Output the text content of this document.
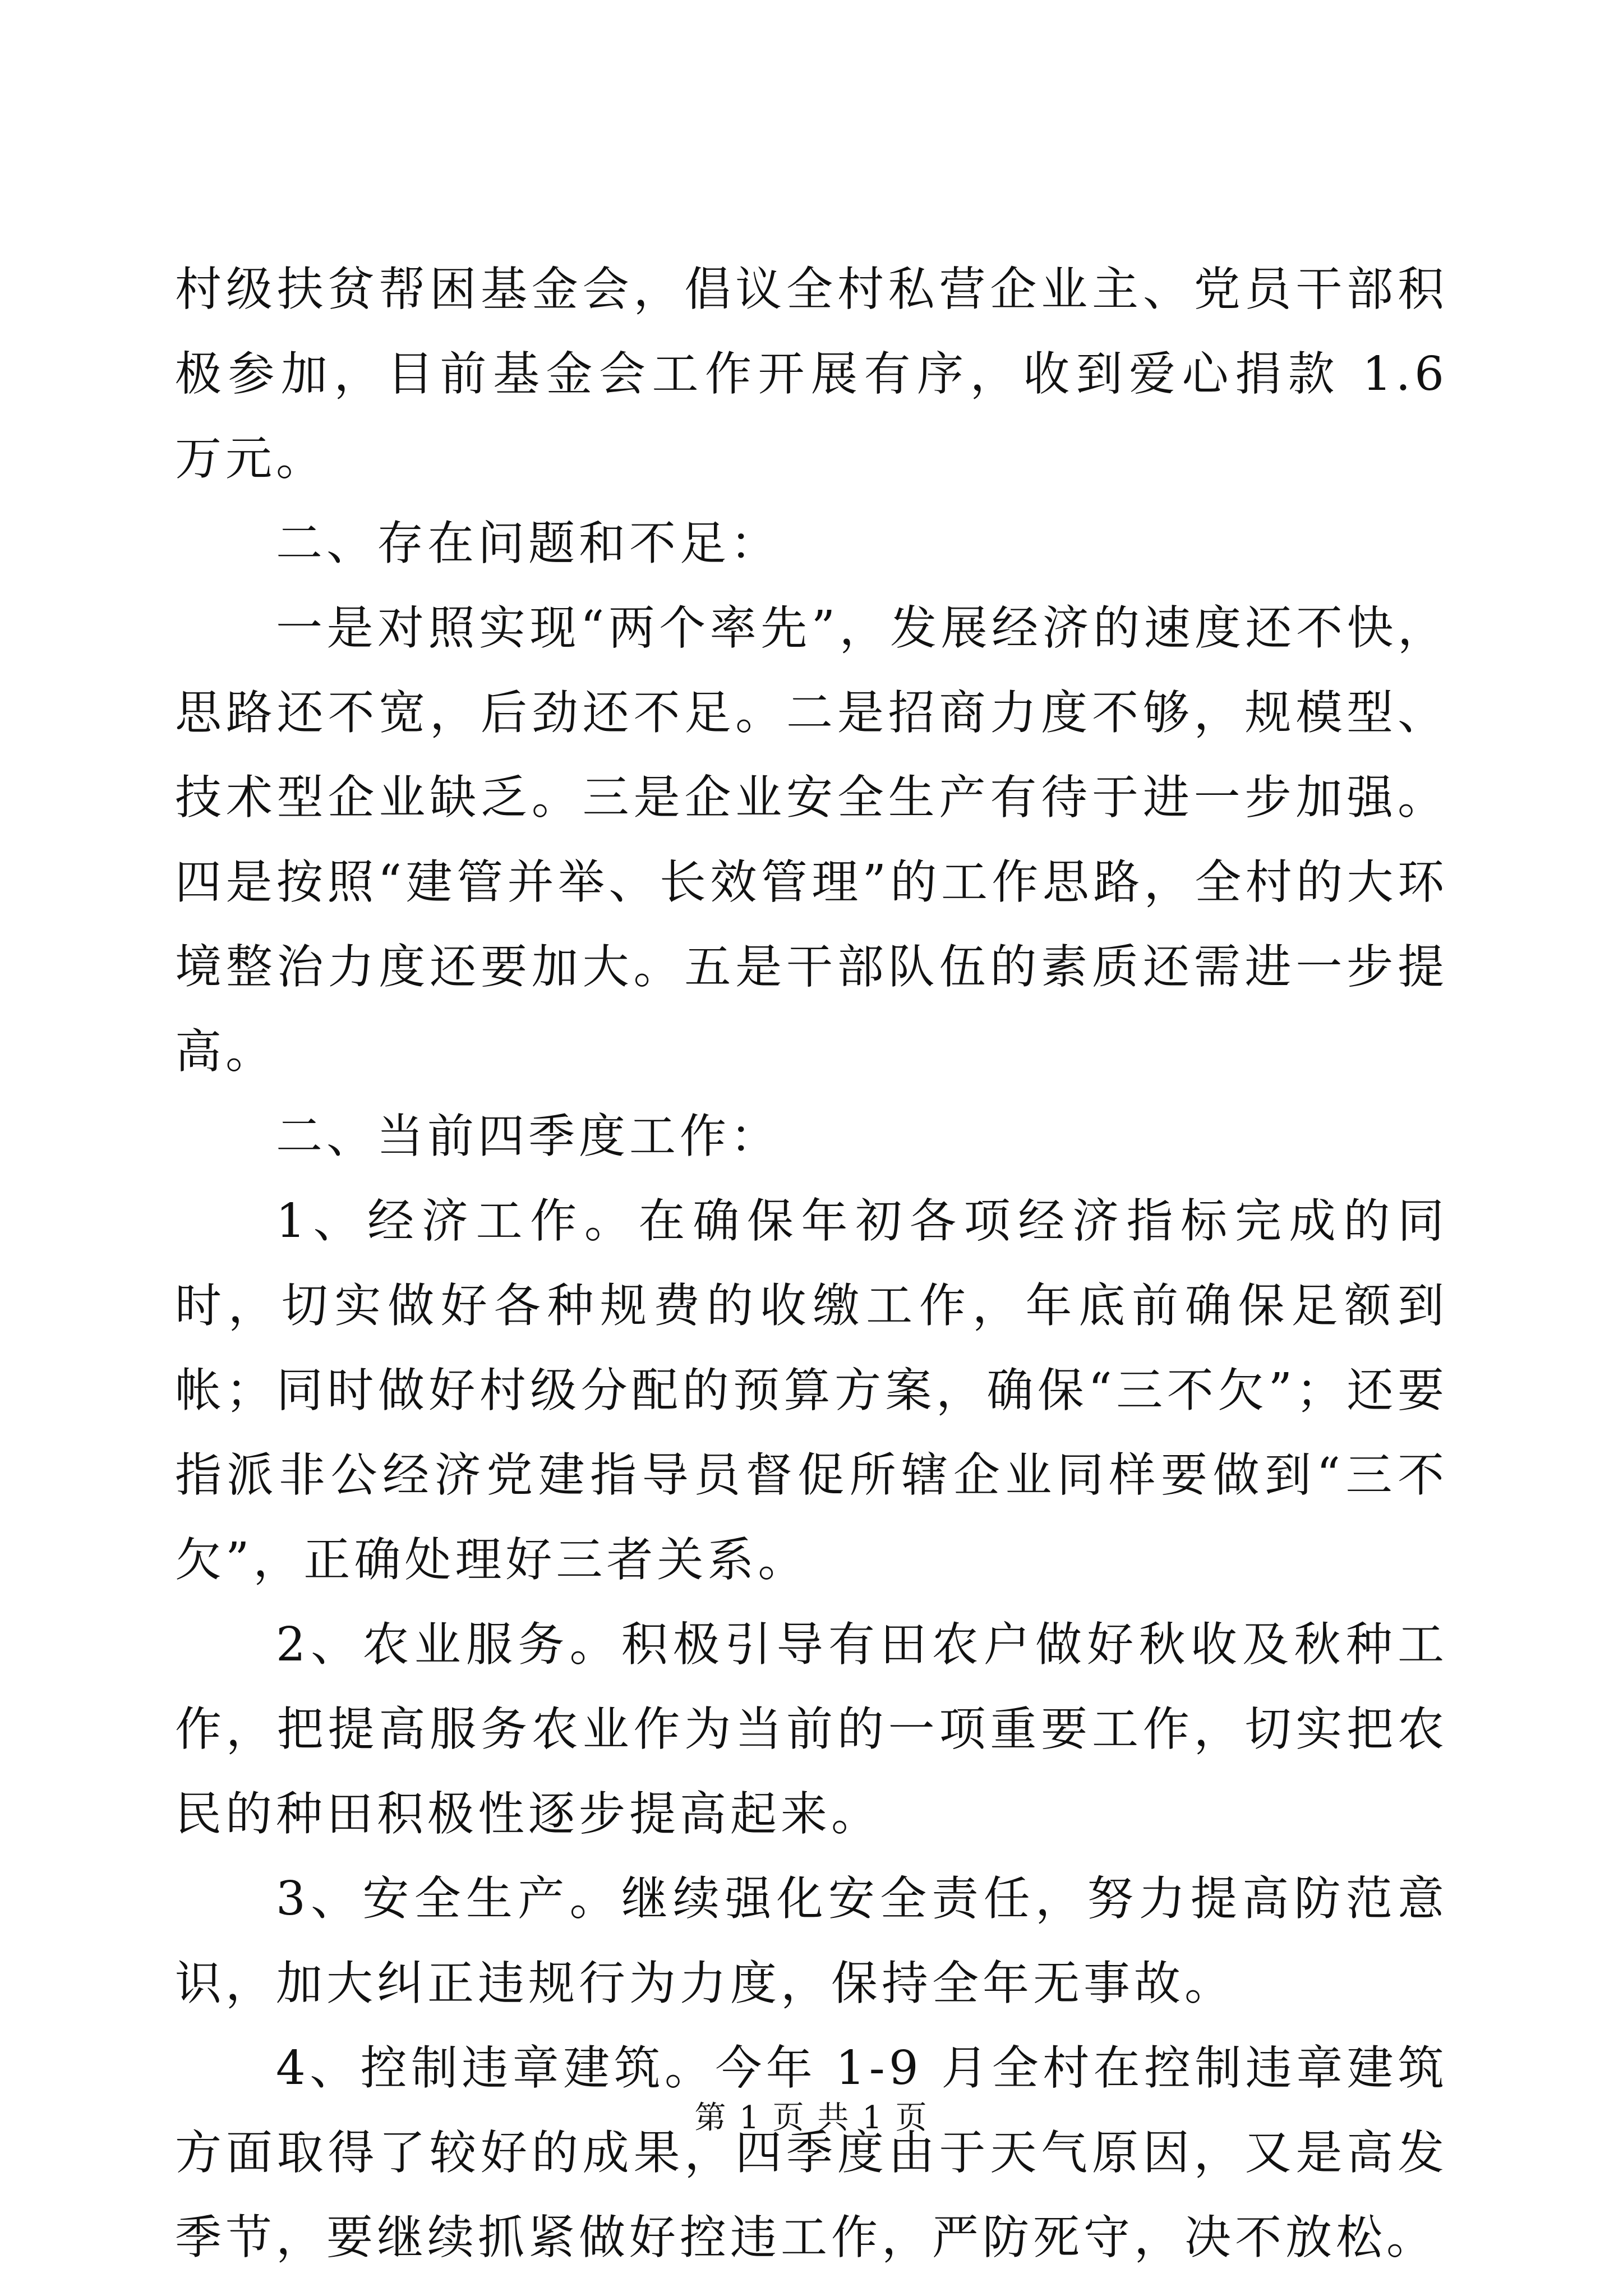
村级扶贫帮困基金会，倡议全村私营企业主、党员干部积极参加，目前基金会工作开展有序，收到爱心捐款 1.6 万元。

二、存在问题和不足：

一是对照实现“两个率先”，发展经济的速度还不快，思路还不宽，后劲还不足。二是招商力度不够，规模型、技术型企业缺乏。三是企业安全生产有待于进一步加强。四是按照“建管并举、长效管理”的工作思路，全村的大环境整治力度还要加大。五是干部队伍的素质还需进一步提高。

二、当前四季度工作：

1、经济工作。在确保年初各项经济指标完成的同时，切实做好各种规费的收缴工作，年底前确保足额到帐；同时做好村级分配的预算方案，确保“三不欠”；还要指派非公经济党建指导员督促所辖企业同样要做到“三不欠”，正确处理好三者关系。

2、农业服务。积极引导有田农户做好秋收及秋种工作，把提高服务农业作为当前的一项重要工作，切实把农民的种田积极性逐步提高起来。

3、安全生产。继续强化安全责任，努力提高防范意识，加大纠正违规行为力度，保持全年无事故。

4、控制违章建筑。今年 1-9 月全村在控制违章建筑方面取得了较好的成果，四季度由于天气原因，又是高发季节，要继续抓紧做好控违工作，严防死守，决不放松。

第 1 页 共 1 页
